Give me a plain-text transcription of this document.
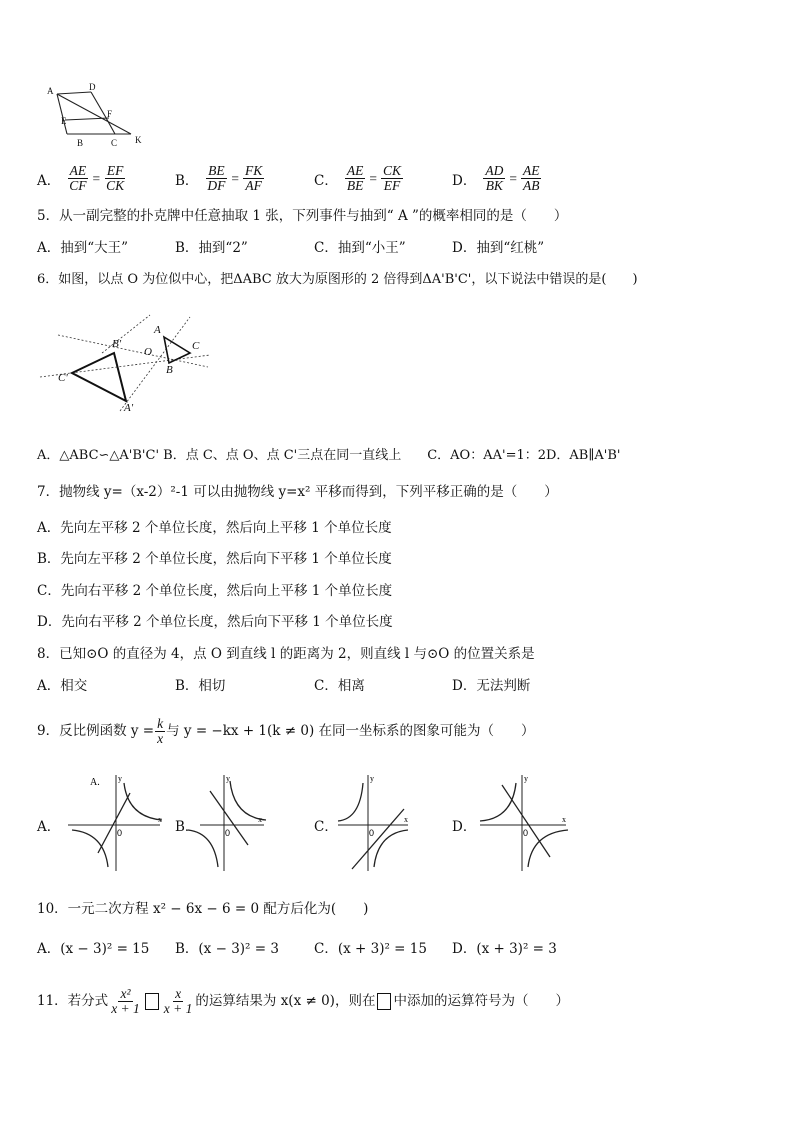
A	D
E
F
B	C K
A． $\frac{AE}{CF} = \frac{EF}{CK}$	B． $\frac{BE}{DF} = \frac{FK}{AF}$	C． $\frac{AE}{BE} = \frac{CK}{EF}$	D． $\frac{AD}{BK} = \frac{AE}{AB}$
5．从一副完整的扑克牌中任意抽取 1 张，下列事件与抽到“ A ”的概率相同的是（　　）
A．抽到“大王”	B．抽到“2”	C．抽到“小王”	D．抽到“红桃”
6．如图，以点 O 为位似中心，把ΔABC 放大为原图形的 2 倍得到ΔA'B'C'，以下说法中错误的是(　　)
A
B
C
O
B'
C'
A'
A．△ABC∽△A'B'C' B．点 C、点 O、点 C'三点在同一直线上　　C．AO：AA'=1：2D．AB∥A'B'
7．抛物线 y=（x-2）²-1 可以由抛物线 y=x² 平移而得到，下列平移正确的是（　　）
A．先向左平移 2 个单位长度，然后向上平移 1 个单位长度
B．先向左平移 2 个单位长度，然后向下平移 1 个单位长度
C．先向右平移 2 个单位长度，然后向上平移 1 个单位长度
D．先向右平移 2 个单位长度，然后向下平移 1 个单位长度
8．已知⊙O 的直径为 4，点 O 到直线 l 的距离为 2，则直线 l 与⊙O 的位置关系是
A．相交	B．相切	C．相离	D．无法判断
9．反比例函数 $y = \frac{k}{x}$ 与 y = −kx + 1(k ≠ 0) 在同一坐标系的图象可能为（　　）
A．	B．	C．	D．
A.
x
y
0
x
y
0
x
y
0
x
y
0
10．一元二次方程 x² − 6x − 6 = 0 配方后化为(　　)
A．(x − 3)² = 15 B．(x − 3)² = 3	C．(x + 3)² = 15 D．(x + 3)² = 3
11．若分式 $\frac{\text{x²}}{x + 1} \frac{x}{x + 1}$ 的运算结果为 x(x ≠ 0)，则在 中添加的运算符号为（　　）
